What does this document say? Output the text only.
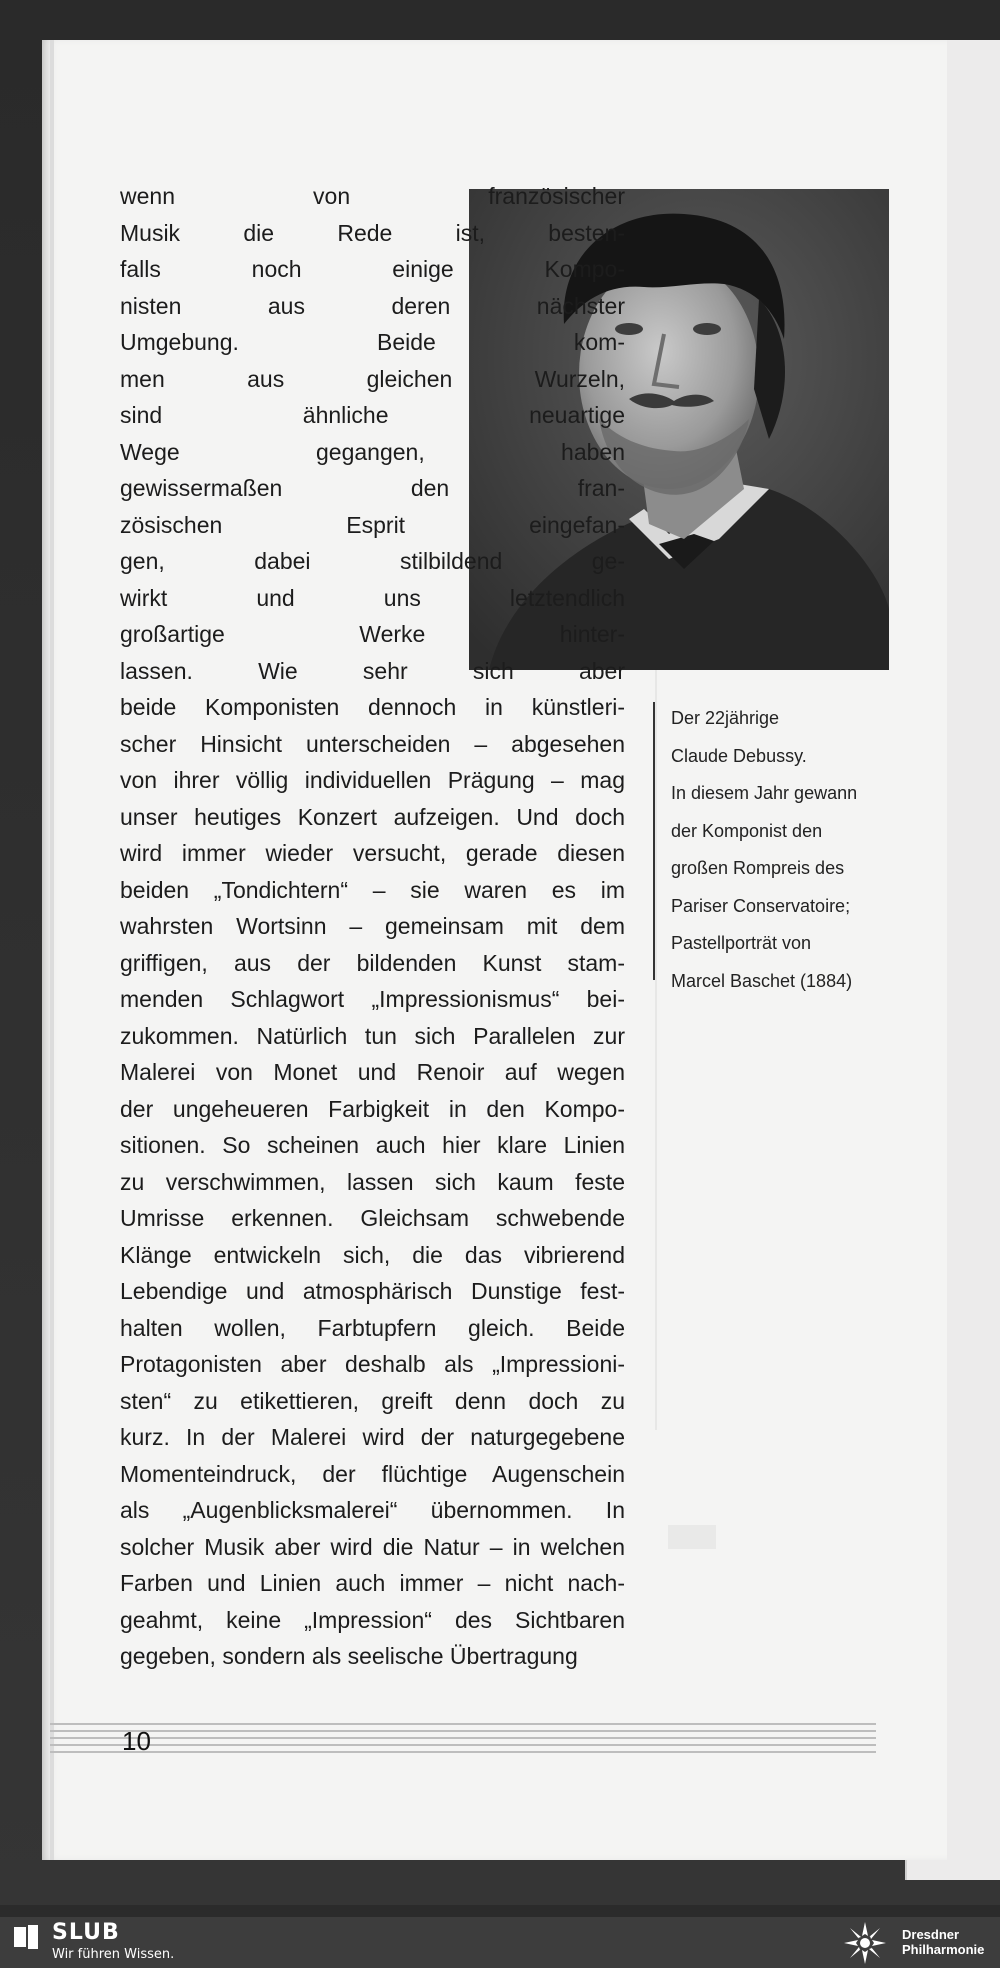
wenn von französischer
Musik die Rede ist, besten-
falls noch einige Kompo-
nisten aus deren nächster
Umgebung. Beide kom-
men aus gleichen Wurzeln,
sind ähnliche neuartige
Wege gegangen, haben
gewissermaßen den fran-
zösischen Esprit eingefan-
gen, dabei stilbildend ge-
wirkt und uns letztendlich
großartige Werke hinter-
lassen. Wie sehr sich aber
beide Komponisten dennoch in künstleri-
scher Hinsicht unterscheiden – abgesehen
von ihrer völlig individuellen Prägung – mag
unser heutiges Konzert aufzeigen. Und doch
wird immer wieder versucht, gerade diesen
beiden „Tondichtern“ – sie waren es im
wahrsten Wortsinn – gemeinsam mit dem
griffigen, aus der bildenden Kunst stam-
menden Schlagwort „Impressionismus“ bei-
zukommen. Natürlich tun sich Parallelen zur
Malerei von Monet und Renoir auf wegen
der ungeheueren Farbigkeit in den Kompo-
sitionen. So scheinen auch hier klare Linien
zu verschwimmen, lassen sich kaum feste
Umrisse erkennen. Gleichsam schwebende
Klänge entwickeln sich, die das vibrierend
Lebendige und atmosphärisch Dunstige fest-
halten wollen, Farbtupfern gleich. Beide
Protagonisten aber deshalb als „Impressioni-
sten“ zu etikettieren, greift denn doch zu
kurz. In der Malerei wird der naturgegebene
Momenteindruck, der flüchtige Augenschein
als „Augenblicksmalerei“ übernommen. In
solcher Musik aber wird die Natur – in welchen
Farben und Linien auch immer – nicht nach-
geahmt, keine „Impression“ des Sichtbaren
gegeben, sondern als seelische Übertragung
Der 22jährige
Claude Debussy.
In diesem Jahr gewann
der Komponist den
großen Rompreis des
Pariser Conservatoire;
Pastellporträt von
Marcel Baschet (1884)
10
SLUB
Wir führen Wissen.
Dresdner
Philharmonie
